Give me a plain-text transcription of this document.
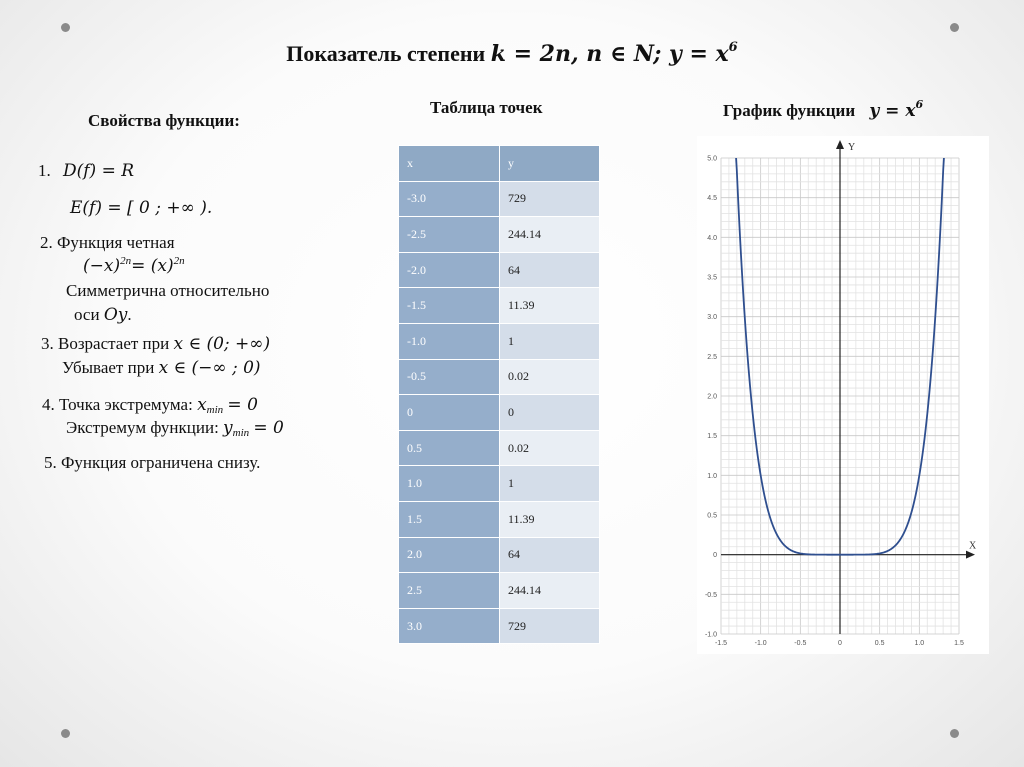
Показатель степени k = 2n, n ∈ N; $y = x^6$
Свойства функции:
1. D(f) = R
E(f) = [ 0 ; +∞ ).
2. Функция четная
$(-x)^{2n}= (x)^{2n}$
Симметрична относительно
оси Oy.
3. Возрастает при x ∈ (0; +∞)
Убывает при x ∈ (−∞ ; 0)
4. Точка экстремума: $x_{min} = 0$
Экстремум функции: $y_{min} = 0$
5. Функция ограничена снизу.
Таблица точек
x	y
-3.0	729
-2.5	244.14
-2.0	64
-1.5	11.39
-1.0	1
-0.5	0.02
0	0
0.5	0.02
1.0	1
1.5	11.39
2.0	64
2.5	244.14
3.0	729
График функции $y = x^6$
X
Y
-1.5	-1.0	-0.5	0	0.5	1.0	1.5
5.0
4.5
4.0
3.5
3.0
2.5
2.0
1.5
1.0
0.5
0
-0.5
-1.0
